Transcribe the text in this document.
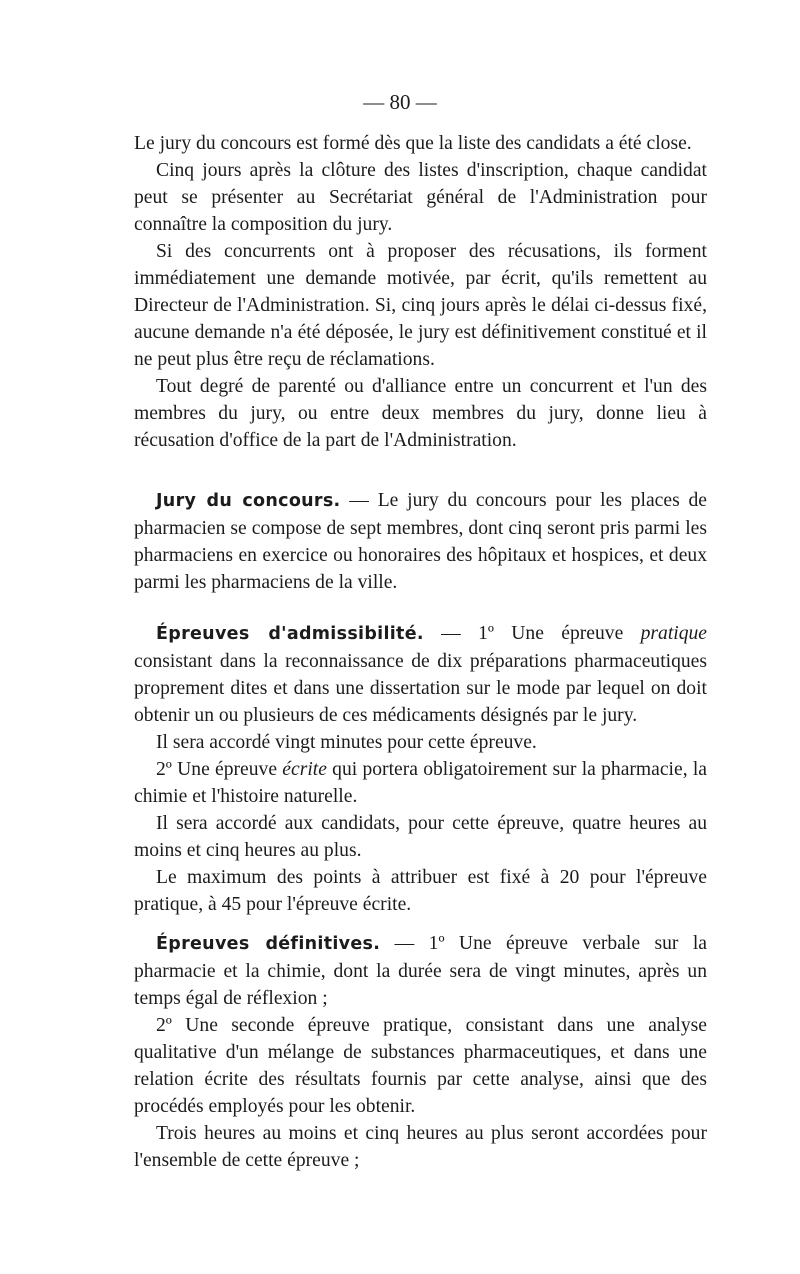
— 80 —

Le jury du concours est formé dès que la liste des candidats a été close.

Cinq jours après la clôture des listes d'inscription, chaque candidat peut se présenter au Secrétariat général de l'Administration pour connaître la composition du jury.

Si des concurrents ont à proposer des récusations, ils forment immédiatement une demande motivée, par écrit, qu'ils remettent au Directeur de l'Administration. Si, cinq jours après le délai ci-dessus fixé, aucune demande n'a été déposée, le jury est définitivement constitué et il ne peut plus être reçu de réclamations.

Tout degré de parenté ou d'alliance entre un concurrent et l'un des membres du jury, ou entre deux membres du jury, donne lieu à récusation d'office de la part de l'Administration.

Jury du concours. — Le jury du concours pour les places de pharmacien se compose de sept membres, dont cinq seront pris parmi les pharmaciens en exercice ou honoraires des hôpitaux et hospices, et deux parmi les pharmaciens de la ville.

Épreuves d'admissibilité. — 1º Une épreuve pratique consistant dans la reconnaissance de dix préparations pharmaceutiques proprement dites et dans une dissertation sur le mode par lequel on doit obtenir un ou plusieurs de ces médicaments désignés par le jury.

Il sera accordé vingt minutes pour cette épreuve.

2º Une épreuve écrite qui portera obligatoirement sur la pharmacie, la chimie et l'histoire naturelle.

Il sera accordé aux candidats, pour cette épreuve, quatre heures au moins et cinq heures au plus.

Le maximum des points à attribuer est fixé à 20 pour l'épreuve pratique, à 45 pour l'épreuve écrite.

Épreuves définitives. — 1º Une épreuve verbale sur la pharmacie et la chimie, dont la durée sera de vingt minutes, après un temps égal de réflexion ;

2º Une seconde épreuve pratique, consistant dans une analyse qualitative d'un mélange de substances pharmaceutiques, et dans une relation écrite des résultats fournis par cette analyse, ainsi que des procédés employés pour les obtenir.

Trois heures au moins et cinq heures au plus seront accordées pour l'ensemble de cette épreuve ;
